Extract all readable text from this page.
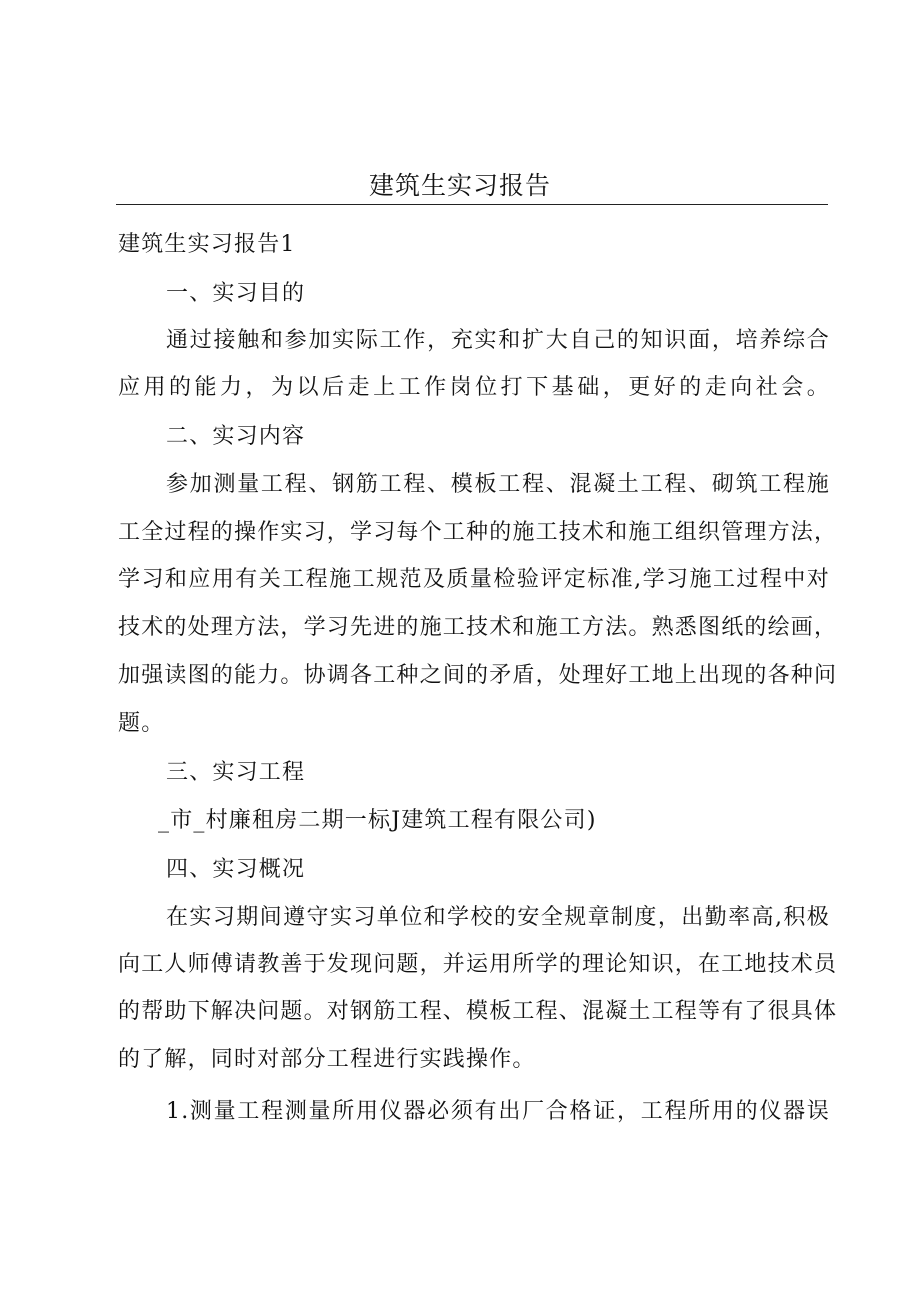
建筑生实习报告
建筑生实习报告1
一、实习目的
通过接触和参加实际工作，充实和扩大自己的知识面，培养综合
应用的能力，为以后走上工作岗位打下基础，更好的走向社会。
二、实习内容
参加测量工程、钢筋工程、模板工程、混凝土工程、砌筑工程施
工全过程的操作实习，学习每个工种的施工技术和施工组织管理方法，
学习和应用有关工程施工规范及质量检验评定标准,学习施工过程中对
技术的处理方法，学习先进的施工技术和施工方法。熟悉图纸的绘画，
加强读图的能力。协调各工种之间的矛盾，处理好工地上出现的各种问
题。
三、实习工程
_市_村廉租房二期一标J建筑工程有限公司)
四、实习概况
在实习期间遵守实习单位和学校的安全规章制度，出勤率高,积极
向工人师傅请教善于发现问题，并运用所学的理论知识，在工地技术员
的帮助下解决问题。对钢筋工程、模板工程、混凝土工程等有了很具体
的了解，同时对部分工程进行实践操作。
1.测量工程测量所用仪器必须有出厂合格证，工程所用的仪器误
